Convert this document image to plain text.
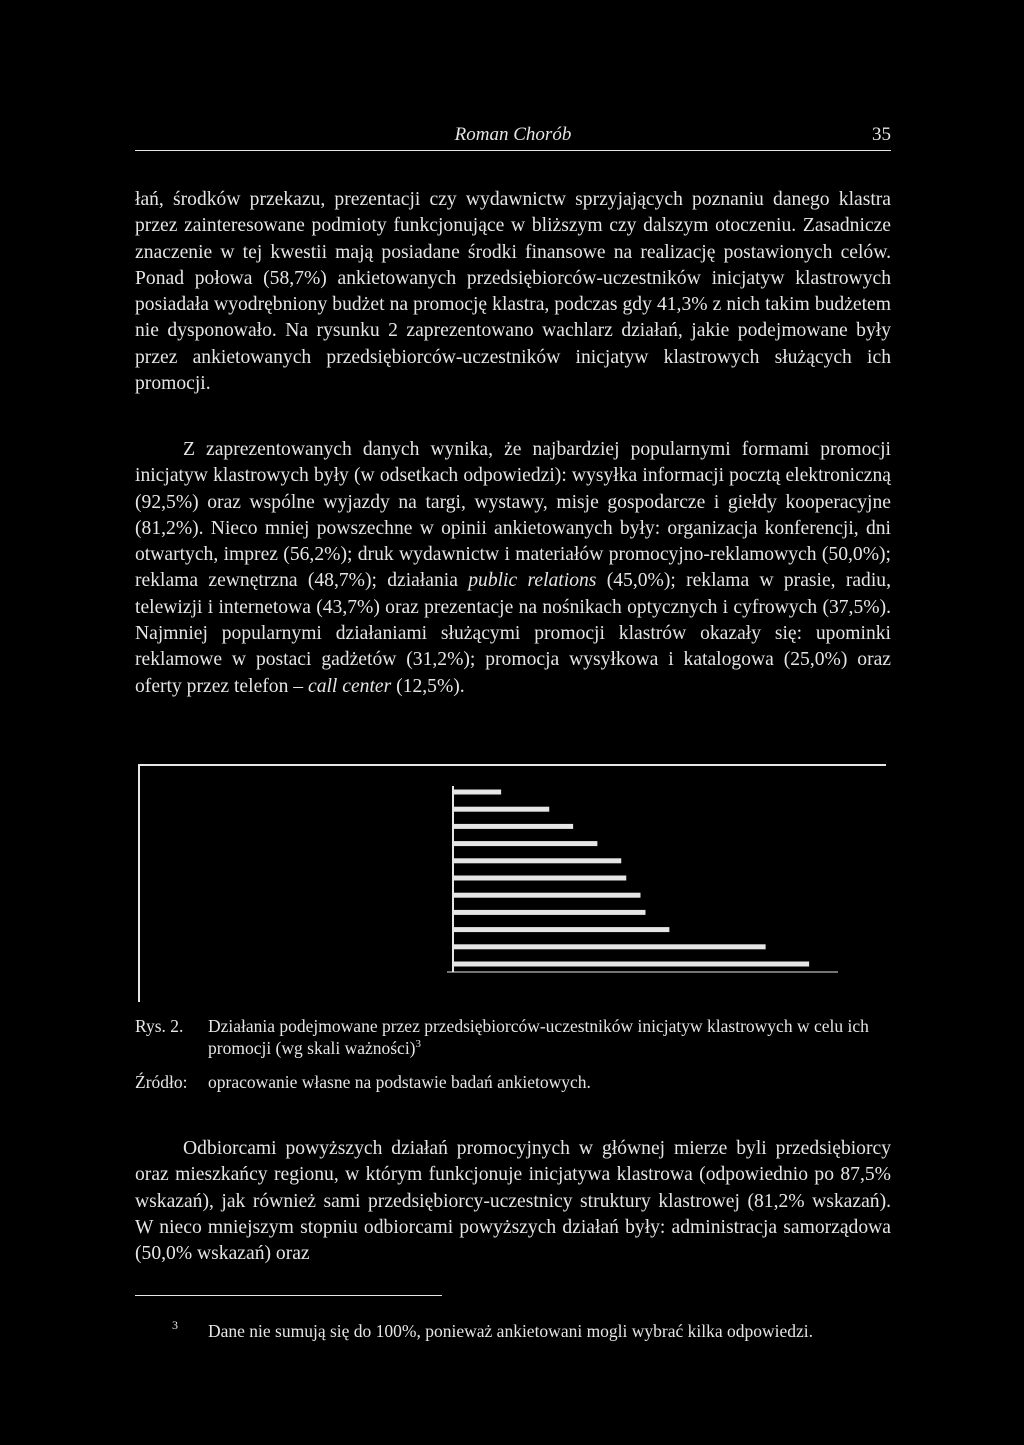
Roman Chorób	35

łań, środków przekazu, prezentacji czy wydawnictw sprzyjających poznaniu danego klastra przez zainteresowane podmioty funkcjonujące w bliższym czy dalszym otoczeniu. Zasadnicze znaczenie w tej kwestii mają posiadane środki finansowe na realizację postawionych celów. Ponad połowa (58,7%) ankietowanych przedsiębiorców-uczestników inicjatyw klastrowych posiadała wyodrębniony budżet na promocję klastra, podczas gdy 41,3% z nich takim budżetem nie dysponowało. Na rysunku 2 zaprezentowano wachlarz działań, jakie podejmowane były przez ankietowanych przedsiębiorców-uczestników inicjatyw klastrowych służących ich promocji.

Z zaprezentowanych danych wynika, że najbardziej popularnymi formami promocji inicjatyw klastrowych były (w odsetkach odpowiedzi): wysyłka informacji pocztą elektroniczną (92,5%) oraz wspólne wyjazdy na targi, wystawy, misje gospodarcze i giełdy kooperacyjne (81,2%). Nieco mniej powszechne w opinii ankietowanych były: organizacja konferencji, dni otwartych, imprez (56,2%); druk wydawnictw i materiałów promocyjno-reklamowych (50,0%); reklama zewnętrzna (48,7%); działania public relations (45,0%); reklama w prasie, radiu, telewizji i internetowa (43,7%) oraz prezentacje na nośnikach optycznych i cyfrowych (37,5%). Najmniej popularnymi działaniami służącymi promocji klastrów okazały się: upominki reklamowe w postaci gadżetów (31,2%); promocja wysyłkowa i katalogowa (25,0%) oraz oferty przez telefon – call center (12,5%).

Rys. 2. Działania podejmowane przez przedsiębiorców-uczestników inicjatyw klastrowych w celu ich promocji (wg skali ważności)$^3$
Źródło: opracowanie własne na podstawie badań ankietowych.

Odbiorcami powyższych działań promocyjnych w głównej mierze byli przedsiębiorcy oraz mieszkańcy regionu, w którym funkcjonuje inicjatywa klastrowa (odpowiednio po 87,5% wskazań), jak również sami przedsiębiorcy-uczestnicy struktury klastrowej (81,2% wskazań). W nieco mniejszym stopniu odbiorcami powyższych działań były: administracja samorządowa (50,0% wskazań) oraz

3 Dane nie sumują się do 100%, ponieważ ankietowani mogli wybrać kilka odpowiedzi.
